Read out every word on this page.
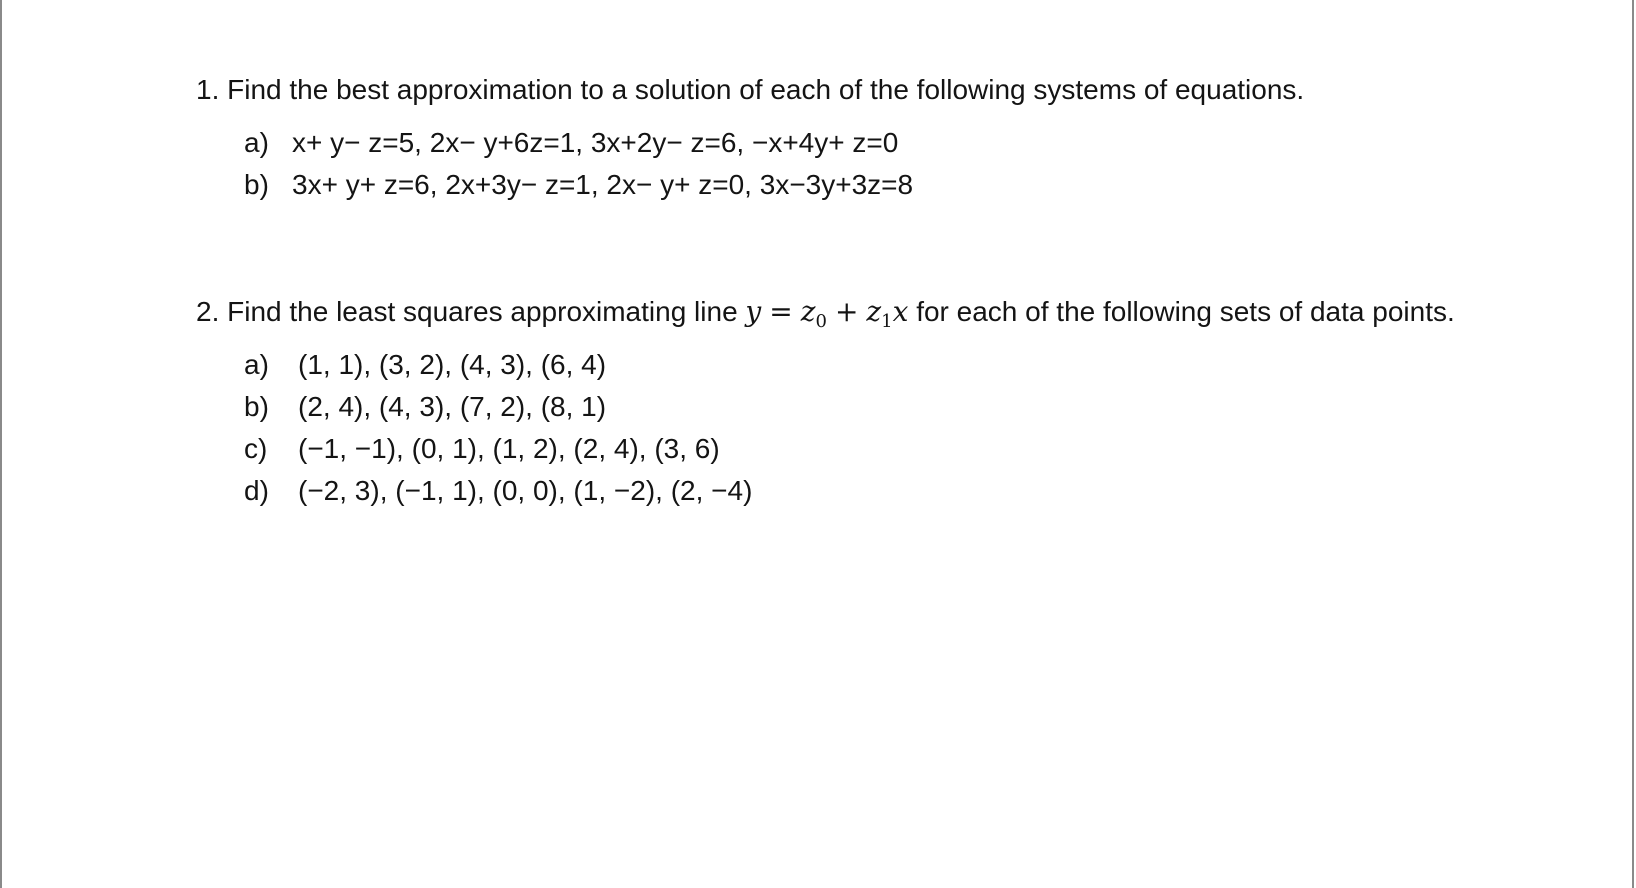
1. Find the best approximation to a solution of each of the following systems of equations.

a) x+ y− z=5, 2x− y+6z=1, 3x+2y− z=6, −x+4y+ z=0
b) 3x+ y+ z=6, 2x+3y− z=1, 2x− y+ z=0, 3x−3y+3z=8

2. Find the least squares approximating line $y = z_0 + z_1x$ for each of the following sets of data points.

a)	(1, 1), (3, 2), (4, 3), (6, 4)
b)	(2, 4), (4, 3), (7, 2), (8, 1)
c)	(−1, −1), (0, 1), (1, 2), (2, 4), (3, 6)
d)	(−2, 3), (−1, 1), (0, 0), (1, −2), (2, −4)
